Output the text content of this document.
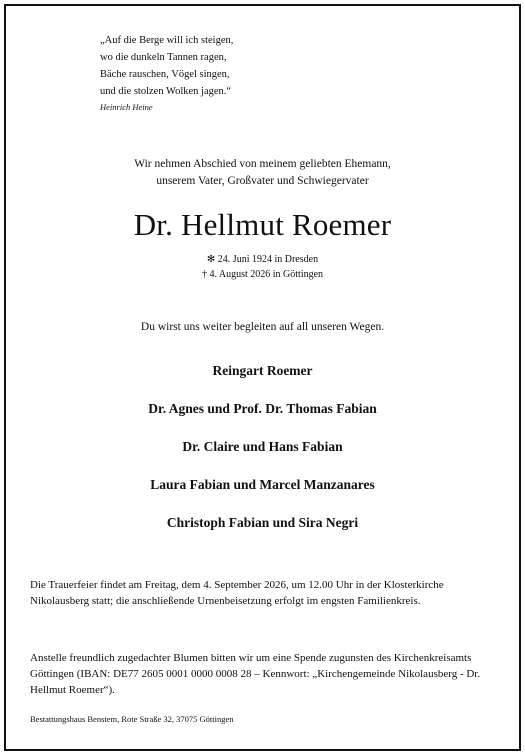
„Auf die Berge will ich steigen,
wo die dunkeln Tannen ragen,
Bäche rauschen, Vögel singen,
und die stolzen Wolken jagen.“
Heinrich Heine
Wir nehmen Abschied von meinem geliebten Ehemann,
unserem Vater, Großvater und Schwiegervater
Dr. Hellmut Roemer
✻ 24. Juni 1924 in Dresden
† 4. August 2026 in Göttingen
Du wirst uns weiter begleiten auf all unseren Wegen.
Reingart Roemer
Dr. Agnes und Prof. Dr. Thomas Fabian
Dr. Claire und Hans Fabian
Laura Fabian und Marcel Manzanares
Christoph Fabian und Sira Negri
Die Trauerfeier findet am Freitag, dem 4. September 2026, um 12.00 Uhr in der Klosterkirche Nikolausberg statt; die anschließende Urnenbeisetzung erfolgt im engsten Familienkreis.
Anstelle freundlich zugedachter Blumen bitten wir um eine Spende zugunsten des Kirchenkreisamts Göttingen (IBAN: DE77 2605 0001 0000 0008 28 – Kennwort: „Kirchengemeinde Nikolausberg - Dr. Hellmut Roemer“).
Bestattungshaus Benstem, Rote Straße 32, 37075 Göttingen
